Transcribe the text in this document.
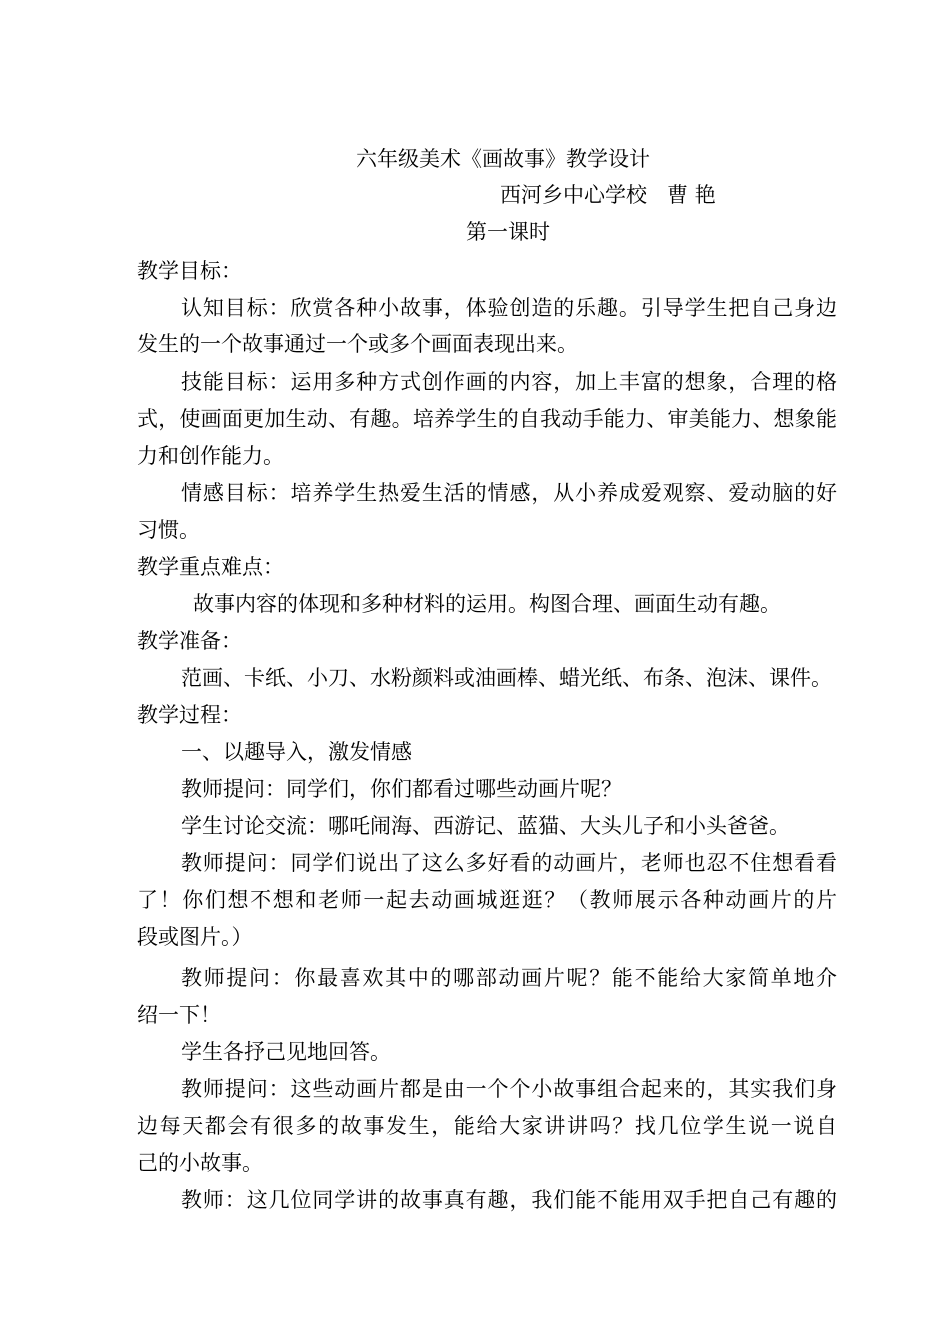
六年级美术《画故事》教学设计

西河乡中心学校   曹 艳

第一课时

教学目标：

认知目标：欣赏各种小故事，体验创造的乐趣。引导学生把自己身边

发生的一个故事通过一个或多个画面表现出来。

技能目标：运用多种方式创作画的内容，加上丰富的想象，合理的格

式，使画面更加生动、有趣。培养学生的自我动手能力、审美能力、想象能

力和创作能力。

情感目标：培养学生热爱生活的情感，从小养成爱观察、爱动脑的好

习惯。

教学重点难点：

故事内容的体现和多种材料的运用。构图合理、画面生动有趣。

教学准备：

范画、卡纸、小刀、水粉颜料或油画棒、蜡光纸、布条、泡沫、课件。

教学过程：

一、以趣导入，激发情感

教师提问：同学们，你们都看过哪些动画片呢？

学生讨论交流：哪吒闹海、西游记、蓝猫、大头儿子和小头爸爸。

教师提问：同学们说出了这么多好看的动画片，老师也忍不住想看看

了！你们想不想和老师一起去动画城逛逛？（教师展示各种动画片的片

段或图片。）

教师提问：你最喜欢其中的哪部动画片呢？能不能给大家简单地介

绍一下！

学生各抒己见地回答。

教师提问：这些动画片都是由一个个小故事组合起来的，其实我们身

边每天都会有很多的故事发生，能给大家讲讲吗？找几位学生说一说自

己的小故事。

教师：这几位同学讲的故事真有趣，我们能不能用双手把自己有趣的
